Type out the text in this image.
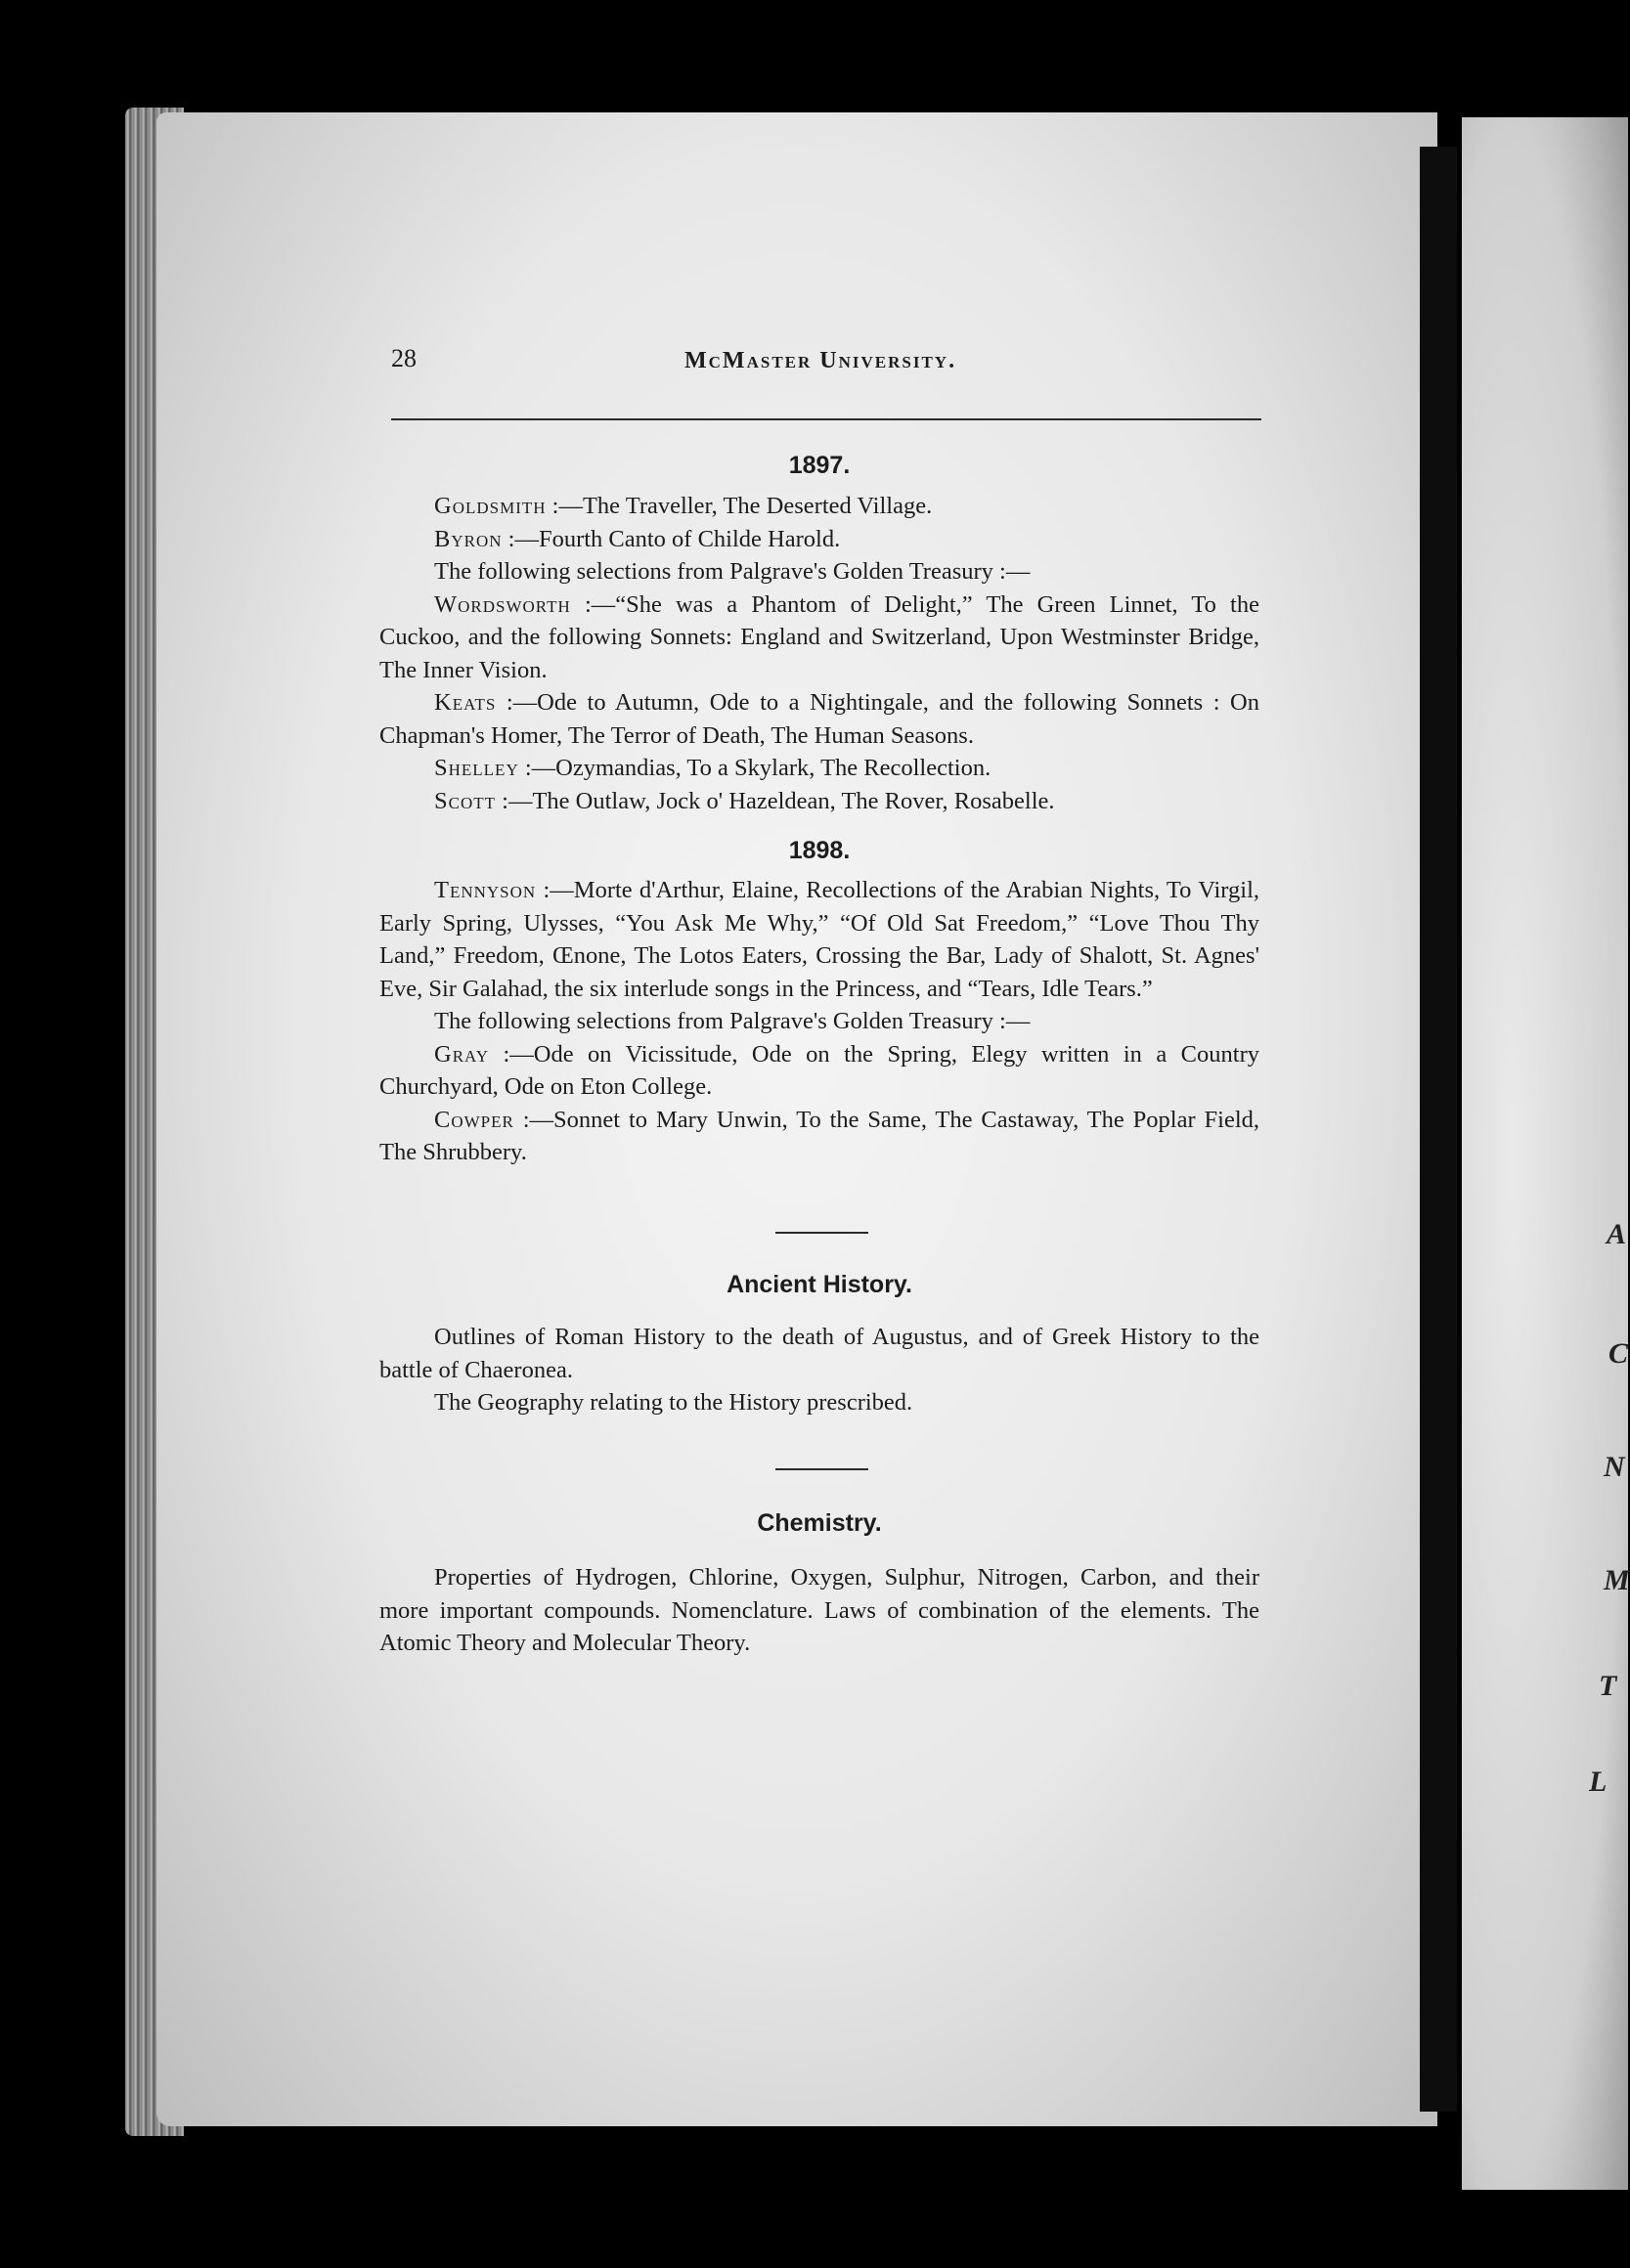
A
C
N
M
T
L
28	McMaster University.
1897.

Goldsmith :—The Traveller, The Deserted Village.

Byron :—Fourth Canto of Childe Harold.

The following selections from Palgrave's Golden Treasury :—

Wordsworth :—“She was a Phantom of Delight,” The Green Linnet, To the Cuckoo, and the following Sonnets: England and Switzerland, Upon Westminster Bridge, The Inner Vision.

Keats :—Ode to Autumn, Ode to a Nightingale, and the following Sonnets : On Chapman's Homer, The Terror of Death, The Human Seasons.

Shelley :—Ozymandias, To a Skylark, The Recollection.

Scott :—The Outlaw, Jock o' Hazeldean, The Rover, Rosabelle.

1898.

Tennyson :—Morte d'Arthur, Elaine, Recollections of the Arabian Nights, To Virgil, Early Spring, Ulysses, “You Ask Me Why,” “Of Old Sat Freedom,” “Love Thou Thy Land,” Freedom, Œnone, The Lotos Eaters, Crossing the Bar, Lady of Shalott, St. Agnes' Eve, Sir Galahad, the six interlude songs in the Princess, and “Tears, Idle Tears.”

The following selections from Palgrave's Golden Treasury :—

Gray :—Ode on Vicissitude, Ode on the Spring, Elegy written in a Country Churchyard, Ode on Eton College.

Cowper :—Sonnet to Mary Unwin, To the Same, The Castaway, The Poplar Field, The Shrubbery.

Ancient History.

Outlines of Roman History to the death of Augustus, and of Greek History to the battle of Chaeronea.

The Geography relating to the History prescribed.

Chemistry.

Properties of Hydrogen, Chlorine, Oxygen, Sulphur, Nitrogen, Carbon, and their more important compounds. Nomenclature. Laws of combination of the elements. The Atomic Theory and Molecular Theory.
